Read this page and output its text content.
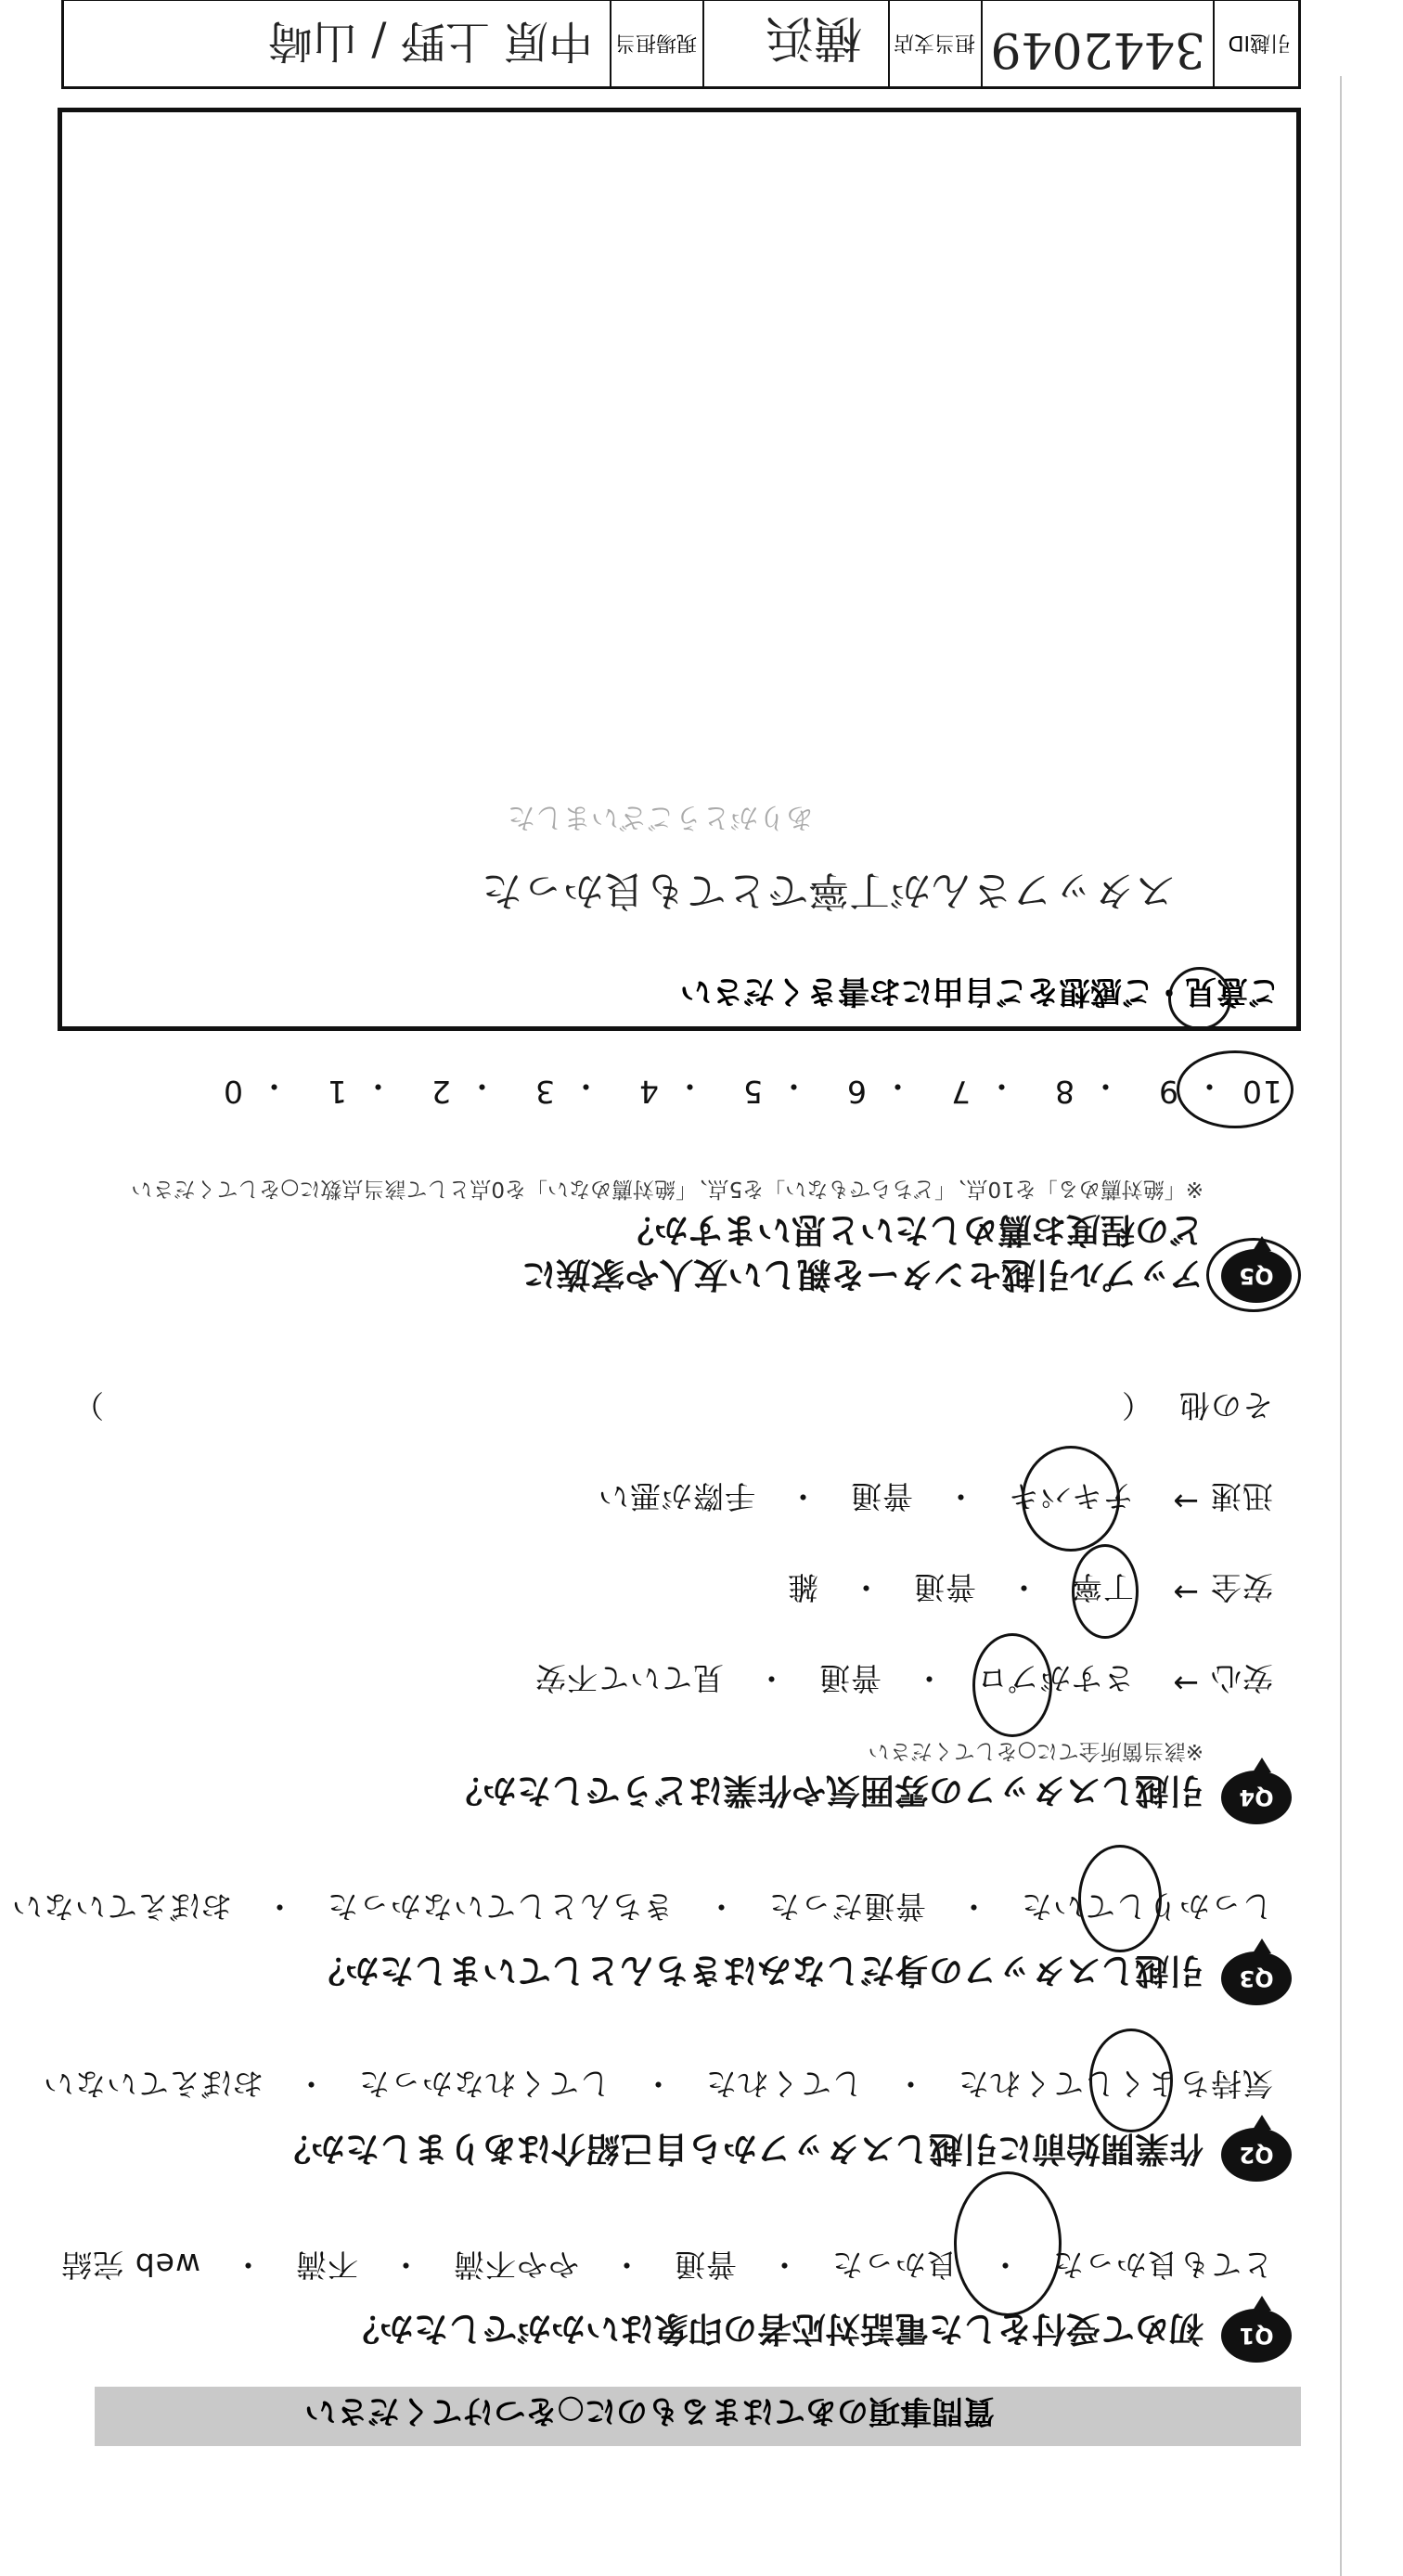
質問事項のあてはまるものに○をつけてください
Q1
初めて受付をした電話対応者の印象はいかがでしたか？
とても良かった　・　良かった　・　普通　・　やや不満　・　不満　・　web 完結
Q2
作業開始前に引越しスタッフから自己紹介はありましたか？
気持ちよくしてくれた　・　してくれた　・　してくれなかった　・　おぼえていない
Q3
引越しスタッフの身だしなみはきちんとしていましたか？
しっかりしていた　・　普通だった　・　きちんとしていなかった　・　おぼえていない
Q4
引越しスタッフの雰囲気や作業はどうでしたか？
※該当箇所全てに○をしてください
安心
→
さすがプロ　・　普通　・　見ていて不安
安全
→
丁寧　・　普通　・　雑
迅速
→
テキパキ　・　普通　・　手際が悪い
その他
（
）
Q5
アップル引越センターを親しい友人や家族に
どの程度お薦めしたいと思いますか？
※「絶対薦める」を10点、「どちらでもない」を5点、「絶対薦めない」を0点として該当点数に○をしてください
10
・
9
・
8
・
7
・
6
・
5
・
4
・
3
・
2
・
1
・
0
ご意見・ご感想をご自由にお書きください
スタッフさんが丁寧でとても良かった
ありがとうございました
引越ID
3442049
担当支店
横浜
現場担当
中原 上野 / 山崎
